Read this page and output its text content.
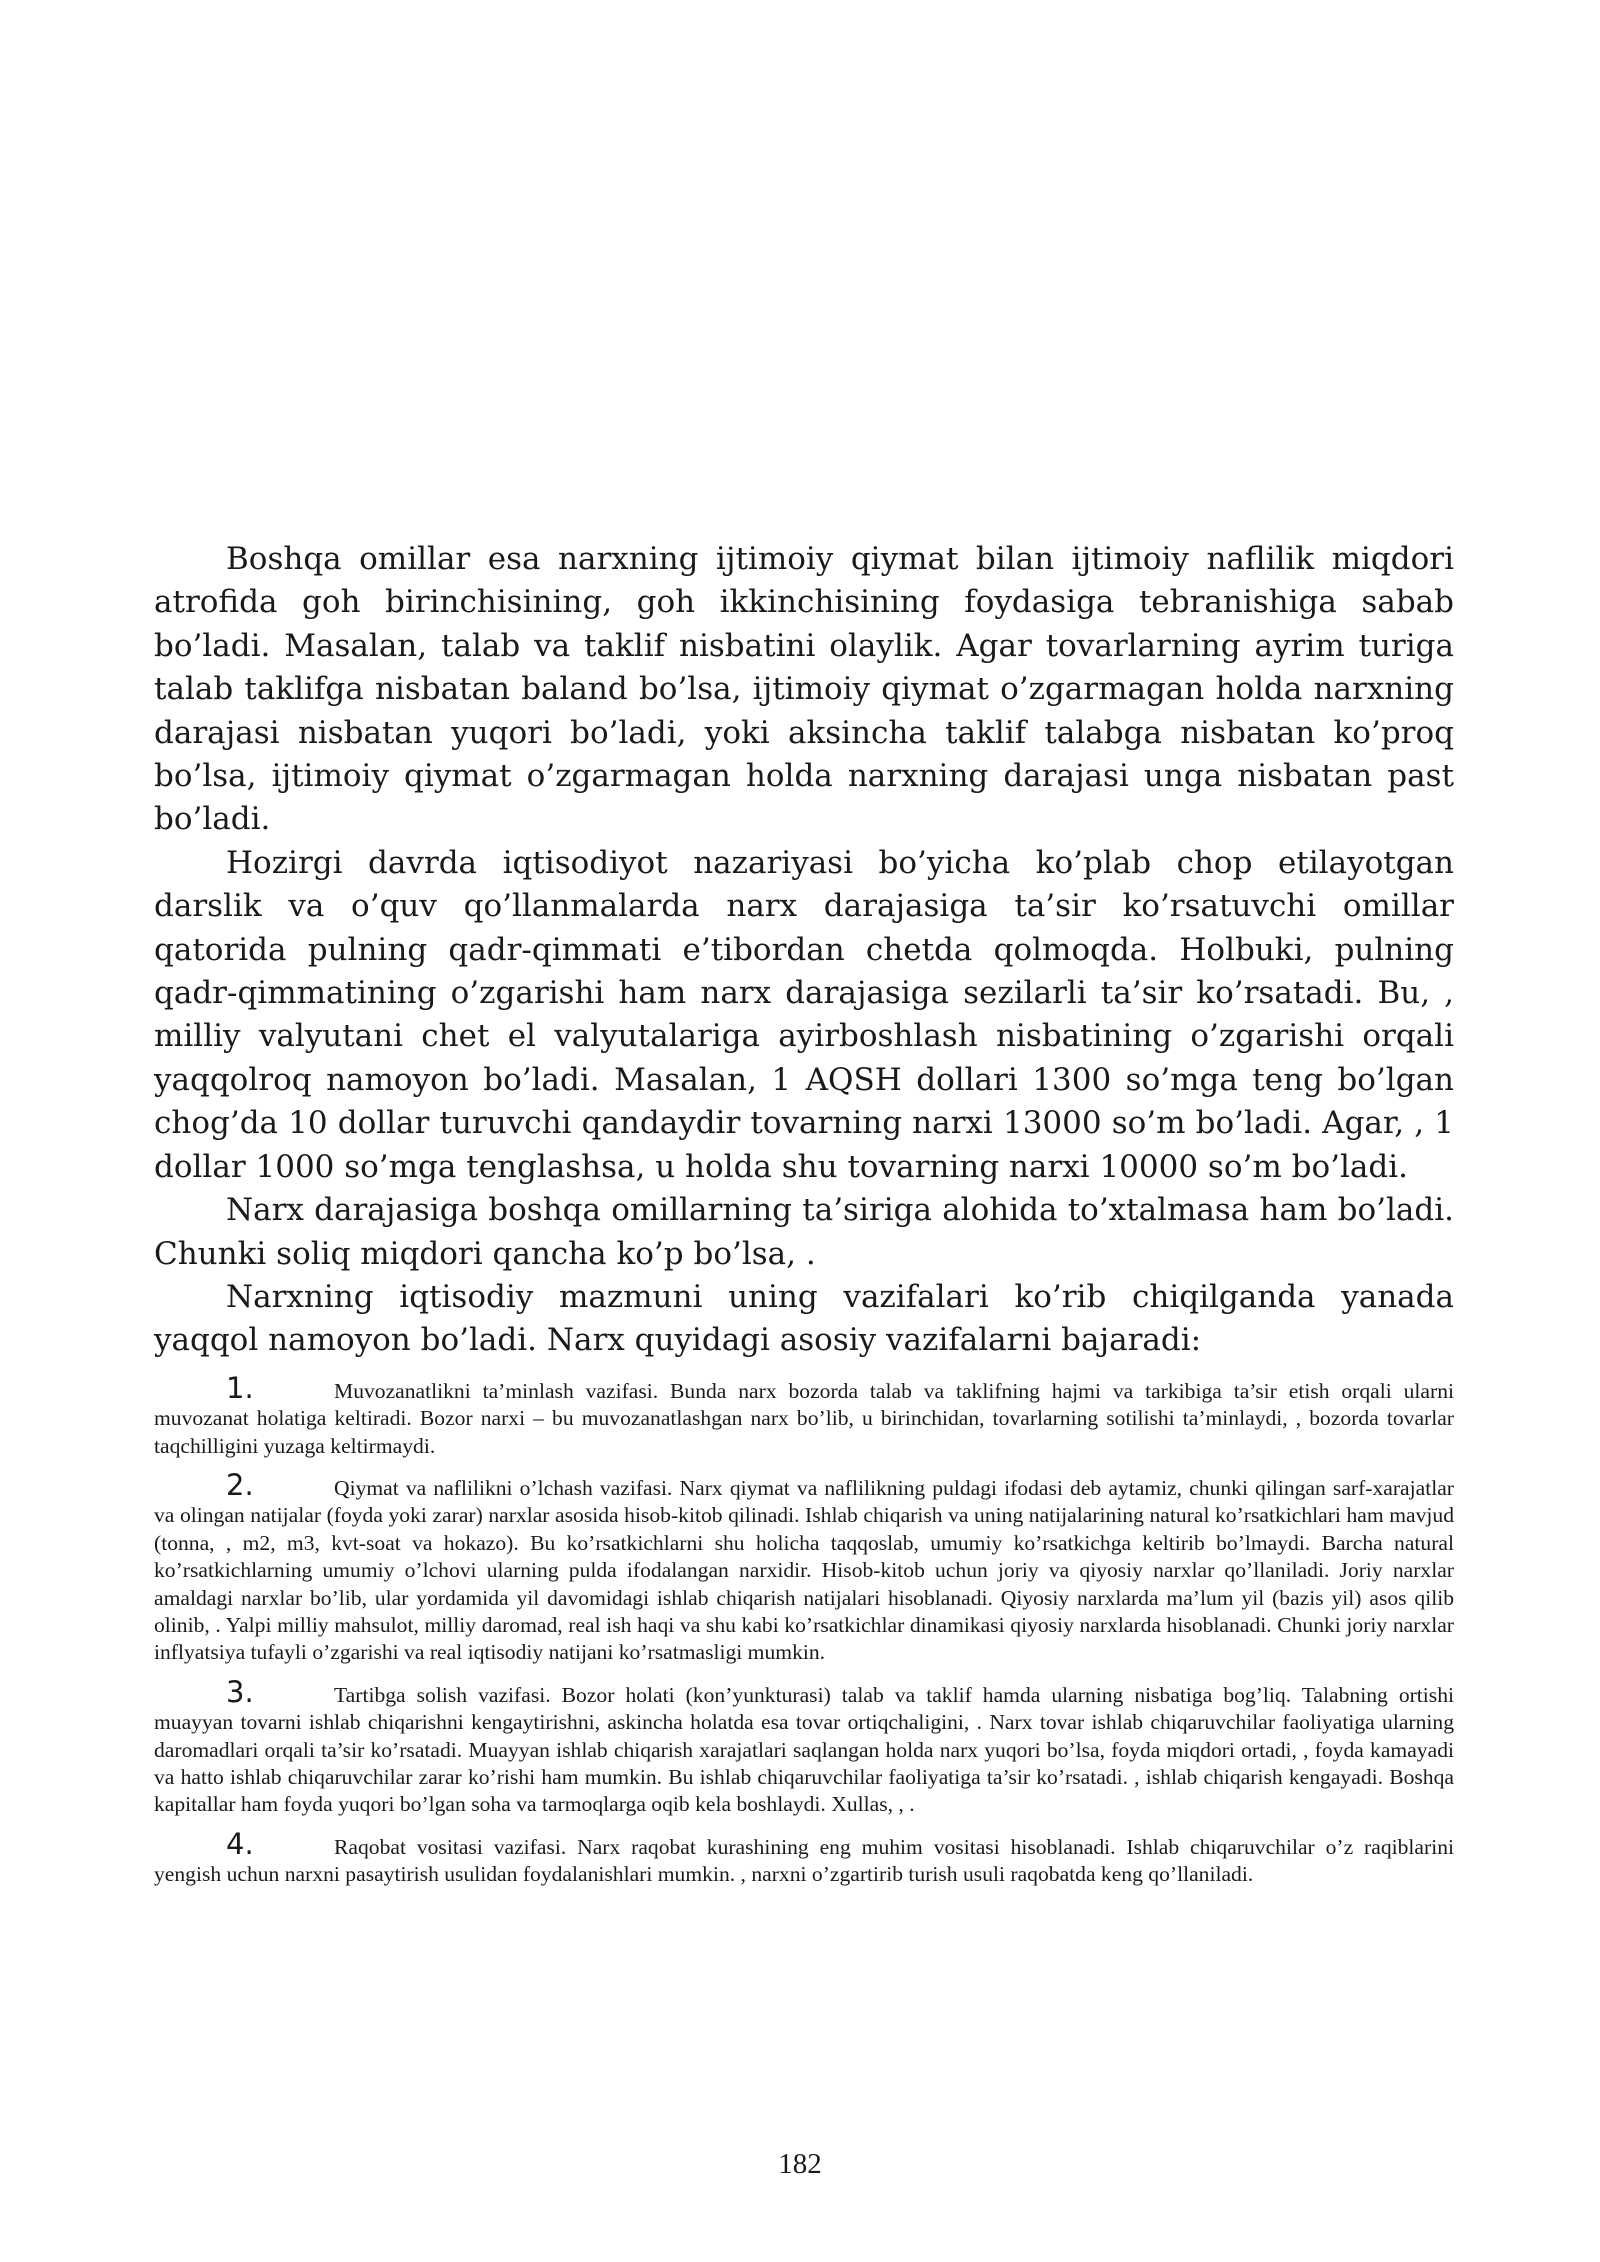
Boshqa omillar esa narxning ijtimoiy qiymat bilan ijtimoiy naflilik miqdori atrofida goh birinchisining, goh ikkinchisining foydasiga tebranishiga sabab bo’ladi. Masalan, talab va taklif nisbatini olaylik. Agar tovarlarning ayrim turiga talab taklifga nisbatan baland bo’lsa, ijtimoiy qiymat o’zgarmagan holda narxning darajasi nisbatan yuqori bo’ladi, yoki aksincha taklif talabga nisbatan ko’proq bo’lsa, ijtimoiy qiymat o’zgarmagan holda narxning darajasi unga nisbatan past bo’ladi.

Hozirgi davrda iqtisodiyot nazariyasi bo’yicha ko’plab chop etilayotgan darslik va o’quv qo’llanmalarda narx darajasiga ta’sir ko’rsatuvchi omillar qatorida pulning qadr-qimmati e’tibordan chetda qolmoqda. Holbuki, pulning qadr-qimmatining o’zgarishi ham narx darajasiga sezilarli ta’sir ko’rsatadi. Bu, , milliy valyutani chet el valyutalariga ayirboshlash nisbatining o’zgarishi orqali yaqqolroq namoyon bo’ladi. Masalan, 1 AQSH dollari 1300 so’mga teng bo’lgan chog’da 10 dollar turuvchi qandaydir tovarning narxi 13000 so’m bo’ladi. Agar, , 1 dollar 1000 so’mga tenglashsa, u holda shu tovarning narxi 10000 so’m bo’ladi.

Narx darajasiga boshqa omillarning ta’siriga alohida to’xtalmasa ham bo’ladi. Chunki soliq miqdori qancha ko’p bo’lsa, .

Narxning iqtisodiy mazmuni uning vazifalari ko’rib chiqilganda yanada yaqqol namoyon bo’ladi. Narx quyidagi asosiy vazifalarni bajaradi:

1.	Muvozanatlikni ta’minlash vazifasi. Bunda narx bozorda talab va taklifning hajmi va tarkibiga ta’sir etish orqali ularni muvozanat holatiga keltiradi. Bozor narxi – bu muvozanatlashgan narx bo’lib, u birinchidan, tovarlarning sotilishi ta’minlaydi, , bozorda tovarlar taqchilligini yuzaga keltirmaydi.

2.	Qiymat va naflilikni o’lchash vazifasi. Narx qiymat va naflilikning puldagi ifodasi deb aytamiz, chunki qilingan sarf-xarajatlar va olingan natijalar (foyda yoki zarar) narxlar asosida hisob-kitob qilinadi. Ishlab chiqarish va uning natijalarining natural ko’rsatkichlari ham mavjud (tonna, , m2, m3, kvt-soat va hokazo). Bu ko’rsatkichlarni shu holicha taqqoslab, umumiy ko’rsatkichga keltirib bo’lmaydi. Barcha natural ko’rsatkichlarning umumiy o’lchovi ularning pulda ifodalangan narxidir. Hisob-kitob uchun joriy va qiyosiy narxlar qo’llaniladi. Joriy narxlar amaldagi narxlar bo’lib, ular yordamida yil davomidagi ishlab chiqarish natijalari hisoblanadi. Qiyosiy narxlarda ma’lum yil (bazis yil) asos qilib olinib, . Yalpi milliy mahsulot, milliy daromad, real ish haqi va shu kabi ko’rsatkichlar dinamikasi qiyosiy narxlarda hisoblanadi. Chunki joriy narxlar inflyatsiya tufayli o’zgarishi va real iqtisodiy natijani ko’rsatmasligi mumkin.

3.	Tartibga solish vazifasi. Bozor holati (kon’yunkturasi) talab va taklif hamda ularning nisbatiga bog’liq. Talabning ortishi muayyan tovarni ishlab chiqarishni kengaytirishni, askincha holatda esa tovar ortiqchaligini, . Narx tovar ishlab chiqaruvchilar faoliyatiga ularning daromadlari orqali ta’sir ko’rsatadi. Muayyan ishlab chiqarish xarajatlari saqlangan holda narx yuqori bo’lsa, foyda miqdori ortadi, , foyda kamayadi va hatto ishlab chiqaruvchilar zarar ko’rishi ham mumkin. Bu ishlab chiqaruvchilar faoliyatiga ta’sir ko’rsatadi. , ishlab chiqarish kengayadi. Boshqa kapitallar ham foyda yuqori bo’lgan soha va tarmoqlarga oqib kela boshlaydi. Xullas, , .

4.	Raqobat vositasi vazifasi. Narx raqobat kurashining eng muhim vositasi hisoblanadi. Ishlab chiqaruvchilar o’z raqiblarini yengish uchun narxni pasaytirish usulidan foydalanishlari mumkin. , narxni o’zgartirib turish usuli raqobatda keng qo’llaniladi.

182
